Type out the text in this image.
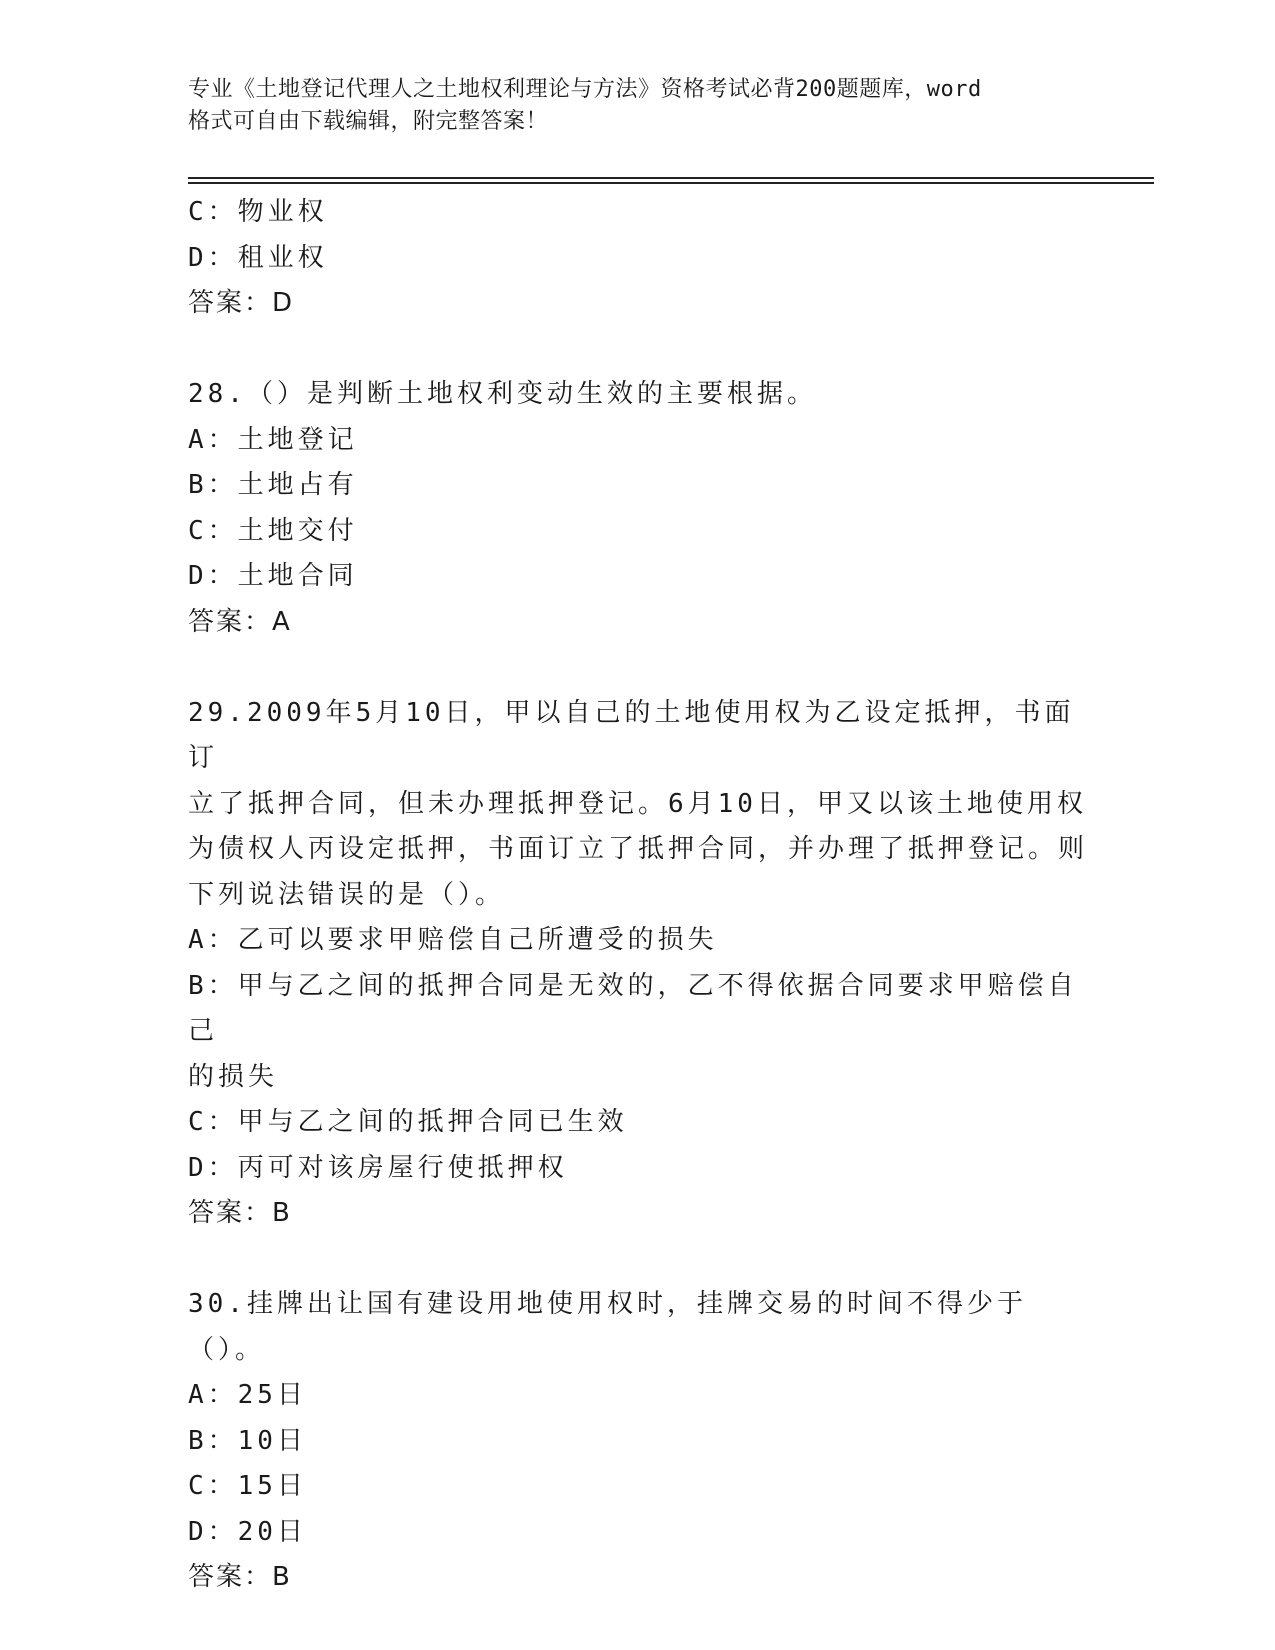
专业《土地登记代理人之土地权利理论与方法》资格考试必背200题题库，word
格式可自由下载编辑，附完整答案！
C：物业权
D：租业权
答案：D
28.（）是判断土地权利变动生效的主要根据。
A：土地登记
B：土地占有
C：土地交付
D：土地合同
答案：A
29.2009年5月10日，甲以自己的土地使用权为乙设定抵押，书面订
立了抵押合同，但未办理抵押登记。6月10日，甲又以该土地使用权
为债权人丙设定抵押，书面订立了抵押合同，并办理了抵押登记。则
下列说法错误的是（）。
A：乙可以要求甲赔偿自己所遭受的损失
B：甲与乙之间的抵押合同是无效的，乙不得依据合同要求甲赔偿自己
的损失
C：甲与乙之间的抵押合同已生效
D：丙可对该房屋行使抵押权
答案：B
30.挂牌出让国有建设用地使用权时，挂牌交易的时间不得少于（）。
A：25日
B：10日
C：15日
D：20日
答案：B
